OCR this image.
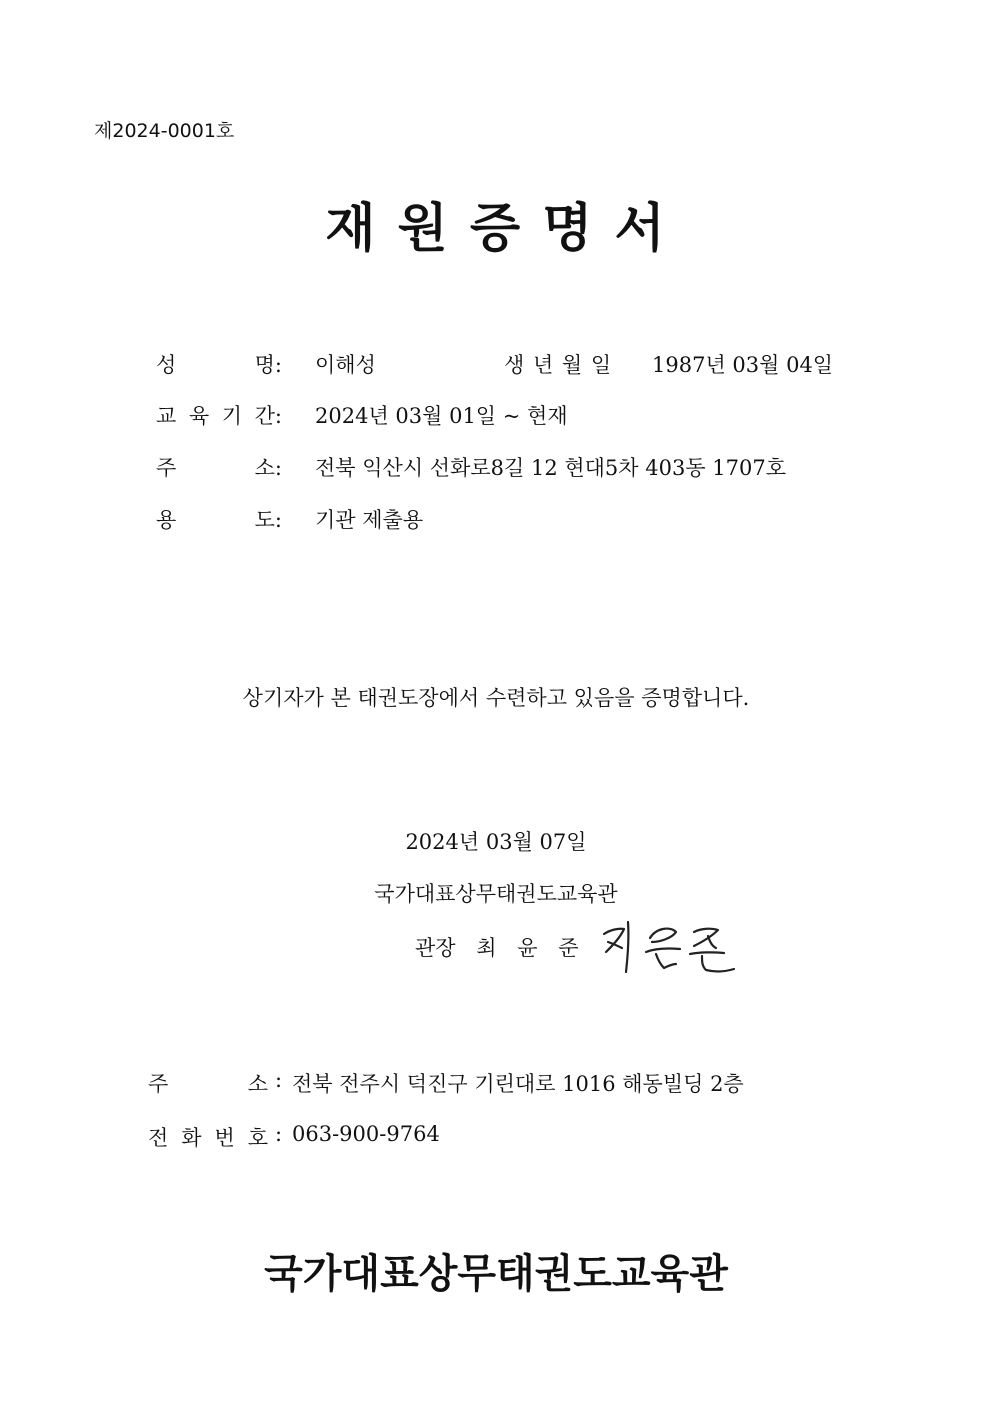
제2024-0001호
재 원 증 명 서
성	명: 이해성	생 년 월 일 1987년 03월 04일
교 육 기 간: 2024년 03월 01일 ~ 현재
주	소: 전북 익산시 선화로8길 12 현대5차 403동 1707호
용	도: 기관 제출용
상기자가 본 태권도장에서 수련하고 있음을 증명합니다.
2024년 03월 07일
국가대표상무태권도교육관
관장 최 윤 준
주	소 : 전북 전주시 덕진구 기린대로 1016 해동빌딩 2층
전 화 번 호 : 063-900-9764
국가대표상무태권도교육관
